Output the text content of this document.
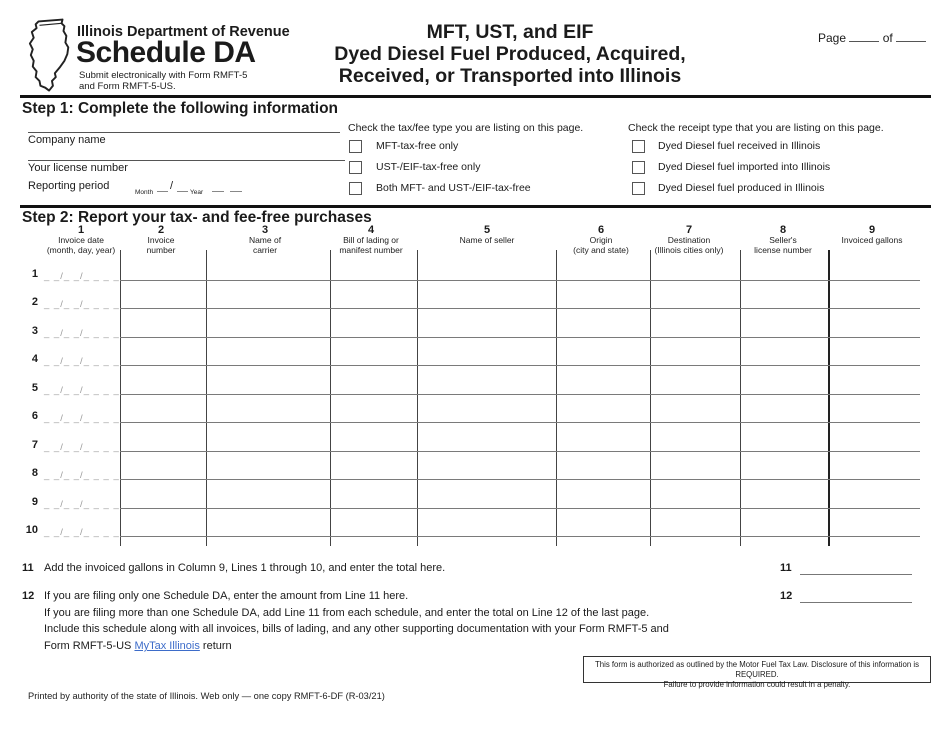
Illinois Department of Revenue
Schedule DA
Submit electronically with Form RMFT-5
and Form RMFT-5-US.
MFT, UST, and EIF
Dyed Diesel Fuel Produced, Acquired,
Received, or Transported into Illinois
Page	of
Step 1: Complete the following information
Company name
Your license number
Reporting period
Month
/
Year
Check the tax/fee type you are listing on this page.
MFT-tax-free only
UST-/EIF-tax-free only
Both MFT- and UST-/EIF-tax-free
Check the receipt type that you are listing on this page.
Dyed Diesel fuel received in Illinois
Dyed Diesel fuel imported into Illinois
Dyed Diesel fuel produced in Illinois
Step 2: Report your tax- and fee-free purchases
1
Invoice date
(month, day, year)
2
Invoice
number
3
Name of
carrier
4
Bill of lading or
manifest number
5
Name of seller
6
Origin
(city and state)
7
Destination
(Illinois cities only)
8
Seller's
license number
9
Invoiced gallons
1 _ _/_ _/_ _ _ _
2 _ _/_ _/_ _ _ _
3 _ _/_ _/_ _ _ _
4 _ _/_ _/_ _ _ _
5 _ _/_ _/_ _ _ _
6 _ _/_ _/_ _ _ _
7 _ _/_ _/_ _ _ _
8 _ _/_ _/_ _ _ _
9 _ _/_ _/_ _ _ _
10 _ _/_ _/_ _ _ _
11 Add the invoiced gallons in Column 9, Lines 1 through 10, and enter the total here.	11
12 If you are filing only one Schedule DA, enter the amount from Line 11 here.
If you are filing more than one Schedule DA, add Line 11 from each schedule, and enter the total on Line 12 of the last page.
Include this schedule along with all invoices, bills of lading, and any other supporting documentation with your Form RMFT-5 and
Form RMFT-5-US MyTax Illinois return
12
This form is authorized as outlined by the Motor Fuel Tax Law. Disclosure of this information is REQUIRED.
Failure to provide information could result in a penalty.
Printed by authority of the state of Illinois. Web only — one copy RMFT-6-DF (R-03/21)
